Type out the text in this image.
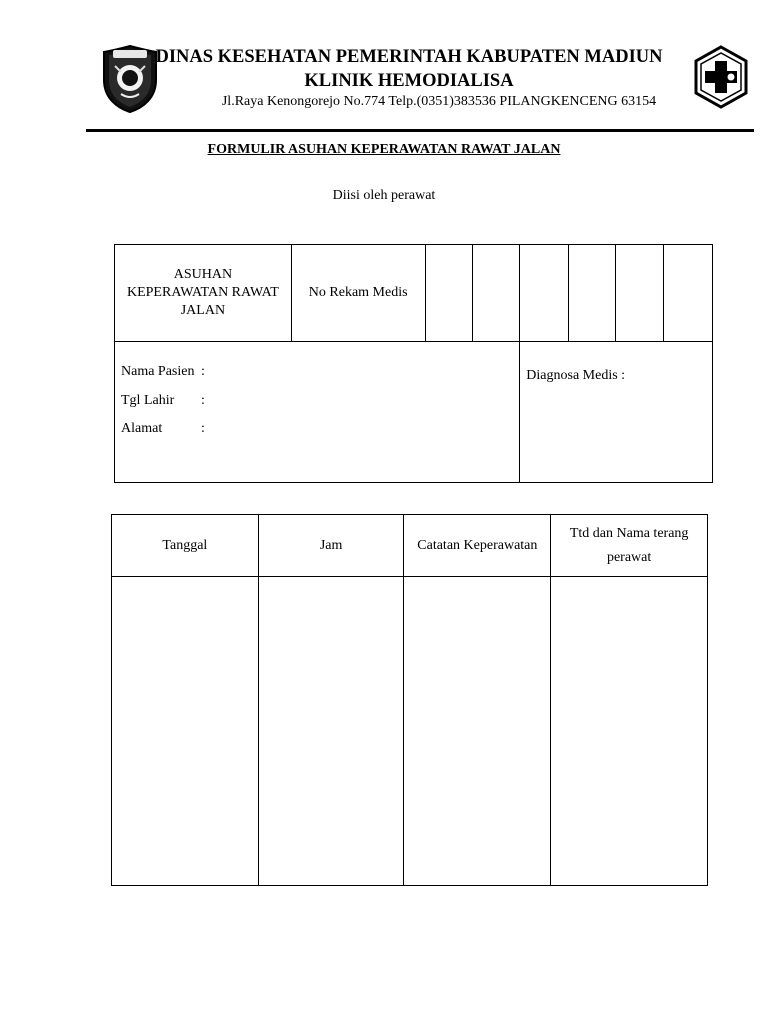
DINAS KESEHATAN PEMERINTAH KABUPATEN MADIUN
KLINIK HEMODIALISA
Jl.Raya Kenongorejo No.774 Telp.(0351)383536 PILANGKENCENG 63154
FORMULIR ASUHAN KEPERAWATAN RAWAT JALAN
Diisi oleh perawat
ASUHAN
KEPERAWATAN RAWAT
JALAN	No Rekam Medis						

Nama Pasien :
Tgl Lahir :
Alamat :				Diagnosa Medis :			
Tanggal	Jam	Catatan Keperawatan	Ttd dan Nama terang
perawat
